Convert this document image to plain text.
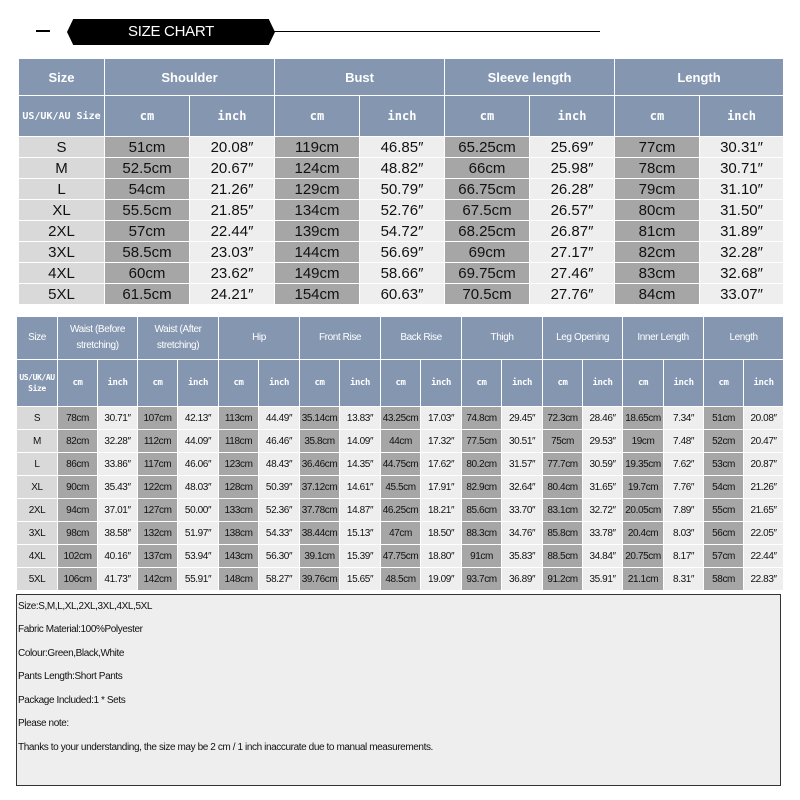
SIZE CHART
Size	Shoulder		Bust		Sleeve length		Length	
US/UK/AU Size	cm	inch	cm	inch	cm	inch	cm	inch
S	51cm	20.08″	119cm	46.85″	65.25cm	25.69″	77cm	30.31″
M	52.5cm	20.67″	124cm	48.82″	66cm	25.98″	78cm	30.71″
L	54cm	21.26″	129cm	50.79″	66.75cm	26.28″	79cm	31.10″
XL	55.5cm	21.85″	134cm	52.76″	67.5cm	26.57″	80cm	31.50″
2XL	57cm	22.44″	139cm	54.72″	68.25cm	26.87″	81cm	31.89″
3XL	58.5cm	23.03″	144cm	56.69″	69cm	27.17″	82cm	32.28″
4XL	60cm	23.62″	149cm	58.66″	69.75cm	27.46″	83cm	32.68″
5XL	61.5cm	24.21″	154cm	60.63″	70.5cm	27.76″	84cm	33.07″
Size	Waist (Before stretching)		Waist (After stretching)		Hip		Front Rise		Back Rise		Thigh		Leg Opening		Inner Length		Length	
US/UK/AU Size	cm	inch	cm	inch	cm	inch	cm	inch	cm	inch	cm	inch	cm	inch	cm	inch	cm	inch
S	78cm	30.71″	107cm	42.13″	113cm	44.49″	35.14cm	13.83″	43.25cm	17.03″	74.8cm	29.45″	72.3cm	28.46″	18.65cm	7.34″	51cm	20.08″
M	82cm	32.28″	112cm	44.09″	118cm	46.46″	35.8cm	14.09″	44cm	17.32″	77.5cm	30.51″	75cm	29.53″	19cm	7.48″	52cm	20.47″
L	86cm	33.86″	117cm	46.06″	123cm	48.43″	36.46cm	14.35″	44.75cm	17.62″	80.2cm	31.57″	77.7cm	30.59″	19.35cm	7.62″	53cm	20.87″
XL	90cm	35.43″	122cm	48.03″	128cm	50.39″	37.12cm	14.61″	45.5cm	17.91″	82.9cm	32.64″	80.4cm	31.65″	19.7cm	7.76″	54cm	21.26″
2XL	94cm	37.01″	127cm	50.00″	133cm	52.36″	37.78cm	14.87″	46.25cm	18.21″	85.6cm	33.70″	83.1cm	32.72″	20.05cm	7.89″	55cm	21.65″
3XL	98cm	38.58″	132cm	51.97″	138cm	54.33″	38.44cm	15.13″	47cm	18.50″	88.3cm	34.76″	85.8cm	33.78″	20.4cm	8.03″	56cm	22.05″
4XL	102cm	40.16″	137cm	53.94″	143cm	56.30″	39.1cm	15.39″	47.75cm	18.80″	91cm	35.83″	88.5cm	34.84″	20.75cm	8.17″	57cm	22.44″
5XL	106cm	41.73″	142cm	55.91″	148cm	58.27″	39.76cm	15.65″	48.5cm	19.09″	93.7cm	36.89″	91.2cm	35.91″	21.1cm	8.31″	58cm	22.83″
Size:S,M,L,XL,2XL,3XL,4XL,5XL
Fabric Material:100%Polyester
Colour:Green,Black,White
Pants Length:Short Pants
Package Included:1 * Sets
Please note:
Thanks to your understanding, the size may be 2 cm / 1 inch inaccurate due to manual measurements.
